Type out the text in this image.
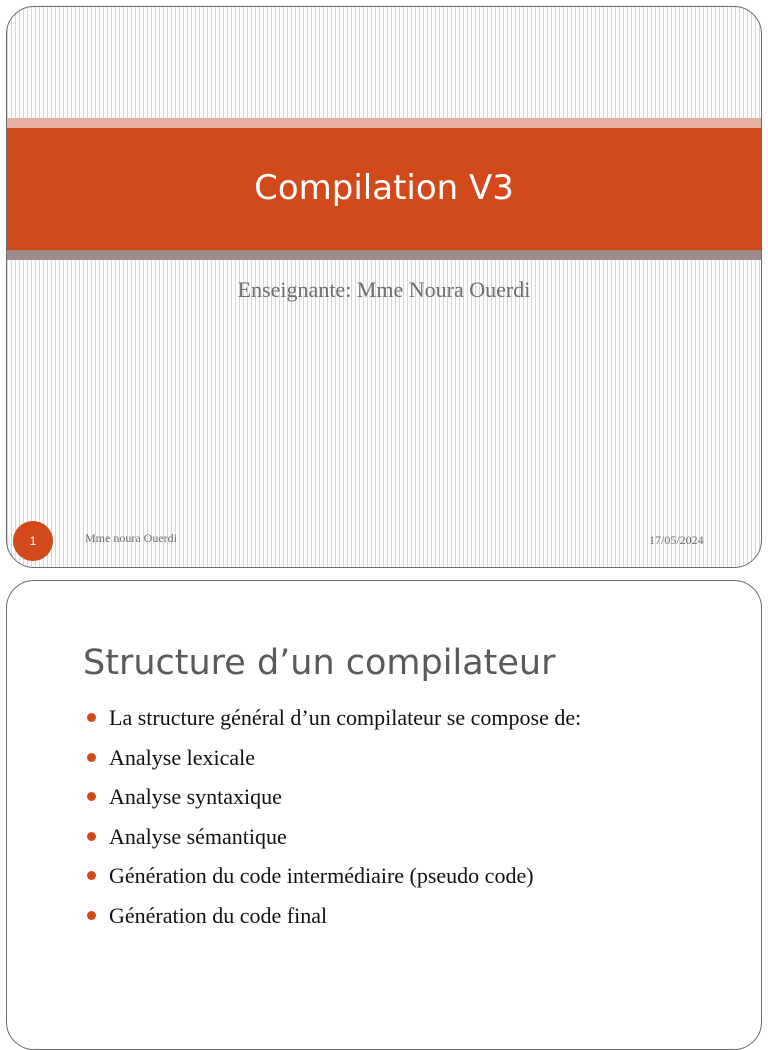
Compilation V3
Enseignante: Mme Noura Ouerdi
1	Mme noura Ouerdi	17/05/2024
Structure d’un compilateur
La structure général d’un compilateur se compose de:
Analyse lexicale
Analyse syntaxique
Analyse sémantique
Génération du code intermédiaire (pseudo code)
Génération du code final
